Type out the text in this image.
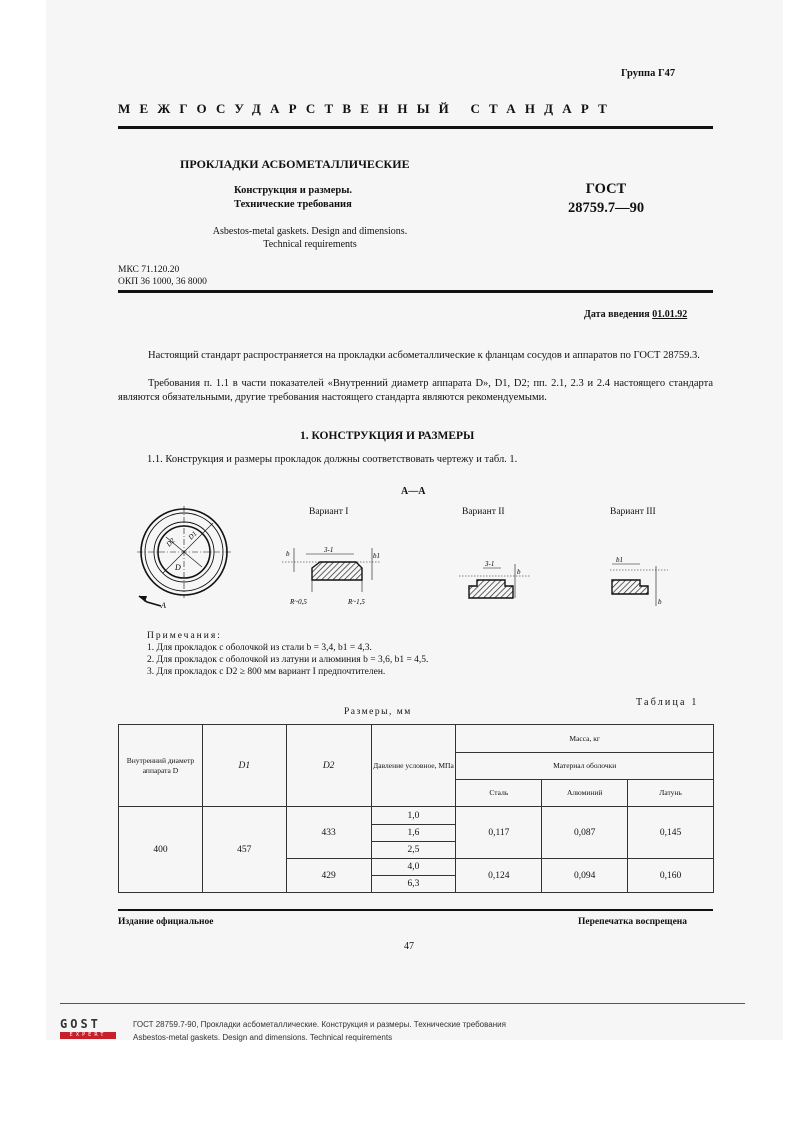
Группа Г47
МЕЖГОСУДАРСТВЕННЫЙ СТАНДАРТ
ПРОКЛАДКИ АСБОМЕТАЛЛИЧЕСКИЕ
Конструкция и размеры.
Технические требования
ГОСТ
28759.7—90
Asbestos-metal gaskets. Design and dimensions.
Technical requirements
МКС 71.120.20
ОКП 36 1000, 36 8000
Дата введения 01.01.92
Настоящий стандарт распространяется на прокладки асбометаллические к фланцам сосудов и аппаратов по ГОСТ 28759.3.
Требования п. 1.1 в части показателей «Внутренний диаметр аппарата D», D1, D2; пп. 2.1, 2.3 и 2.4 настоящего стандарта являются обязательными, другие требования настоящего стандарта являются рекомендуемыми.
1. КОНСТРУКЦИЯ И РАЗМЕРЫ
1.1. Конструкция и размеры прокладок должны соответствовать чертежу и табл. 1.
А—А
Вариант I	Вариант II	Вариант III
D2
D1
D
А
3-1
b	b1
R~0,5	R~1,5
3-1
b
b1
b
Примечания:
1. Для прокладок с оболочкой из стали b = 3,4, b1 = 4,3.
2. Для прокладок с оболочкой из латуни и алюминия b = 3,6, b1 = 4,5.
3. Для прокладок с D2 ≥ 800 мм вариант I предпочтителен.
Таблица 1
Размеры, мм
Внутренний диаметр аппарата D	D1	D2	Давление условное, МПа	Масса, кг		
				Материал оболочки		
				Сталь	Алюминий	Латунь
400	457	433	1,0	0,117	0,087	0,145
			1,6			
			2,5			
		429	4,0	0,124	0,094	0,160
			6,3			
Издание официальное	Перепечатка воспрещена
47
GOST
EXPERT
ГОСТ 28759.7-90, Прокладки асбометаллические. Конструкция и размеры. Технические требования
Asbestos-metal gaskets. Design and dimensions. Technical requirements
